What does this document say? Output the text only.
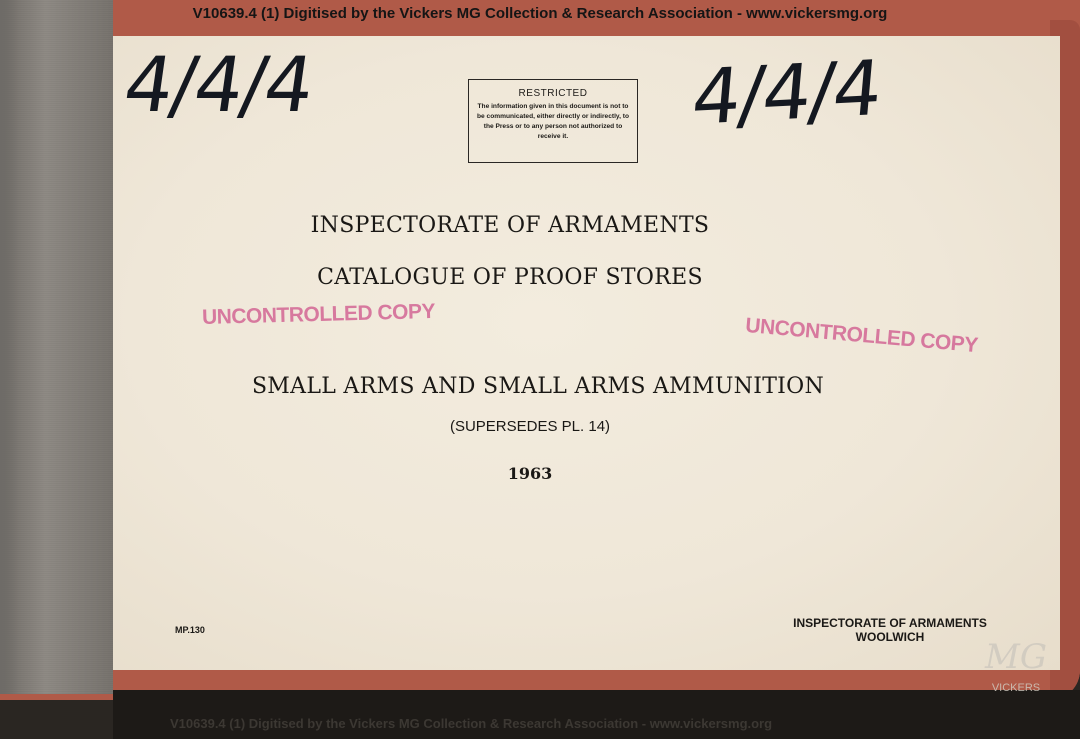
V10639.4 (1) Digitised by the Vickers MG Collection & Research Association - www.vickersmg.org
4/4/4	4/4/4
RESTRICTED
The information given in this document is not to be communicated, either directly or indirectly, to the Press or to any person not authorized to receive it.
INSPECTORATE OF ARMAMENTS
CATALOGUE OF PROOF STORES
UNCONTROLLED COPY	UNCONTROLLED COPY
SMALL ARMS AND SMALL ARMS AMMUNITION
(SUPERSEDES PL. 14)
1963
MP.130	INSPECTORATE OF ARMAMENTS
WOOLWICH
V10639.4 (1) Digitised by the Vickers MG Collection & Research Association - www.vickersmg.org
MG
VICKERS
